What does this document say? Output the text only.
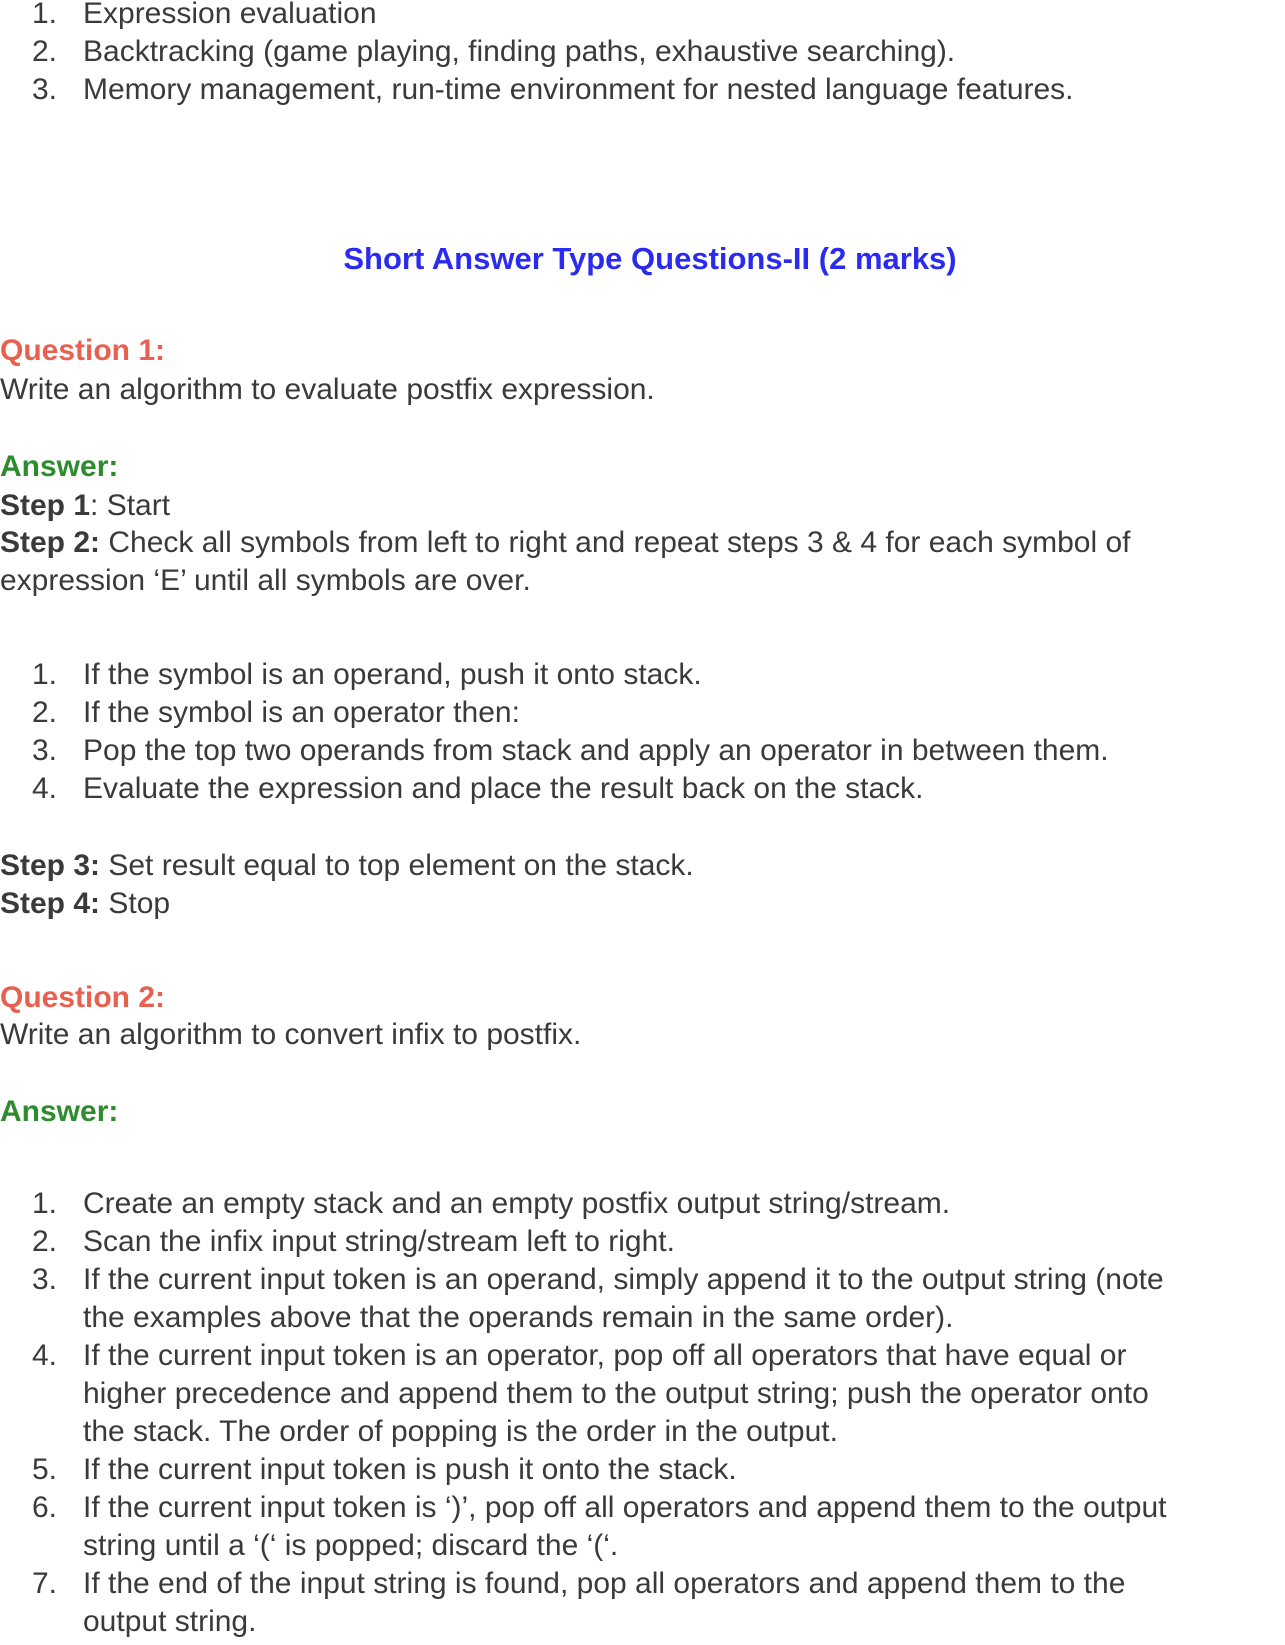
1. Expression evaluation
2. Backtracking (game playing, finding paths, exhaustive searching).
3. Memory management, run-time environment for nested language features.
Short Answer Type Questions-II (2 marks)
Question 1:
Write an algorithm to evaluate postfix expression.
Answer:
Step 1: Start
Step 2: Check all symbols from left to right and repeat steps 3 & 4 for each symbol of
expression ‘E’ until all symbols are over.
1. If the symbol is an operand, push it onto stack.
2. If the symbol is an operator then:
3. Pop the top two operands from stack and apply an operator in between them.
4. Evaluate the expression and place the result back on the stack.
Step 3: Set result equal to top element on the stack.
Step 4: Stop
Question 2:
Write an algorithm to convert infix to postfix.
Answer:
1. Create an empty stack and an empty postfix output string/stream.
2. Scan the infix input string/stream left to right.
3. If the current input token is an operand, simply append it to the output string (note
the examples above that the operands remain in the same order).
4. If the current input token is an operator, pop off all operators that have equal or
higher precedence and append them to the output string; push the operator onto
the stack. The order of popping is the order in the output.
5. If the current input token is push it onto the stack.
6. If the current input token is ‘)’, pop off all operators and append them to the output
string until a ‘(‘ is popped; discard the ‘(‘.
7. If the end of the input string is found, pop all operators and append them to the
output string.
